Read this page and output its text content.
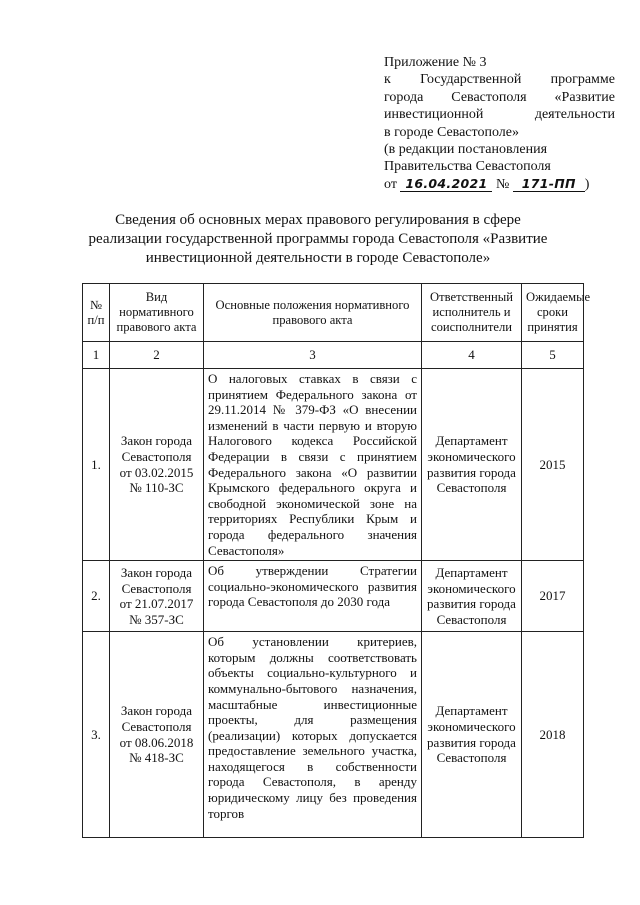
Приложение № 3
к Государственной программе
города Севастополя «Развитие
инвестиционной деятельности
в городе Севастополе»
(в редакции постановления
Правительства Севастополя
от 16.04.2021 № 171-ПП )
Сведения об основных мерах правового регулирования в сфере реализации государственной программы города Севастополя «Развитие инвестиционной деятельности в городе Севастополе»
№ п/п	Вид нормативного правового акта	Основные положения нормативного правового акта	Ответственный исполнитель и соисполнители	Ожидаемые сроки принятия
1	2	3	4	5
1.	Закон города Севастополя от 03.02.2015 № 110-ЗС	О налоговых ставках в связи с принятием Федерального закона от 29.11.2014 № 379-ФЗ «О внесении изменений в части первую и вторую Налогового кодекса Российской Федерации в связи с принятием Федерального закона «О развитии Крымского федерального округа и свободной экономической зоне на территориях Республики Крым и города федерального значения Севастополя»	Департамент экономического развития города Севастополя	2015
2.	Закон города Севастополя от 21.07.2017 № 357-ЗС	Об утверждении Стратегии социально-экономического развития города Севастополя до 2030 года	Департамент экономического развития города Севастополя	2017
3.	Закон города Севастополя от 08.06.2018 № 418-ЗС	Об установлении критериев, которым должны соответствовать объекты социально-культурного и коммунально-бытового назначения, масштабные инвестиционные проекты, для размещения (реализации) которых допускается предоставление земельного участка, находящегося в собственности города Севастополя, в аренду юридическому лицу без проведения торгов	Департамент экономического развития города Севастополя	2018
